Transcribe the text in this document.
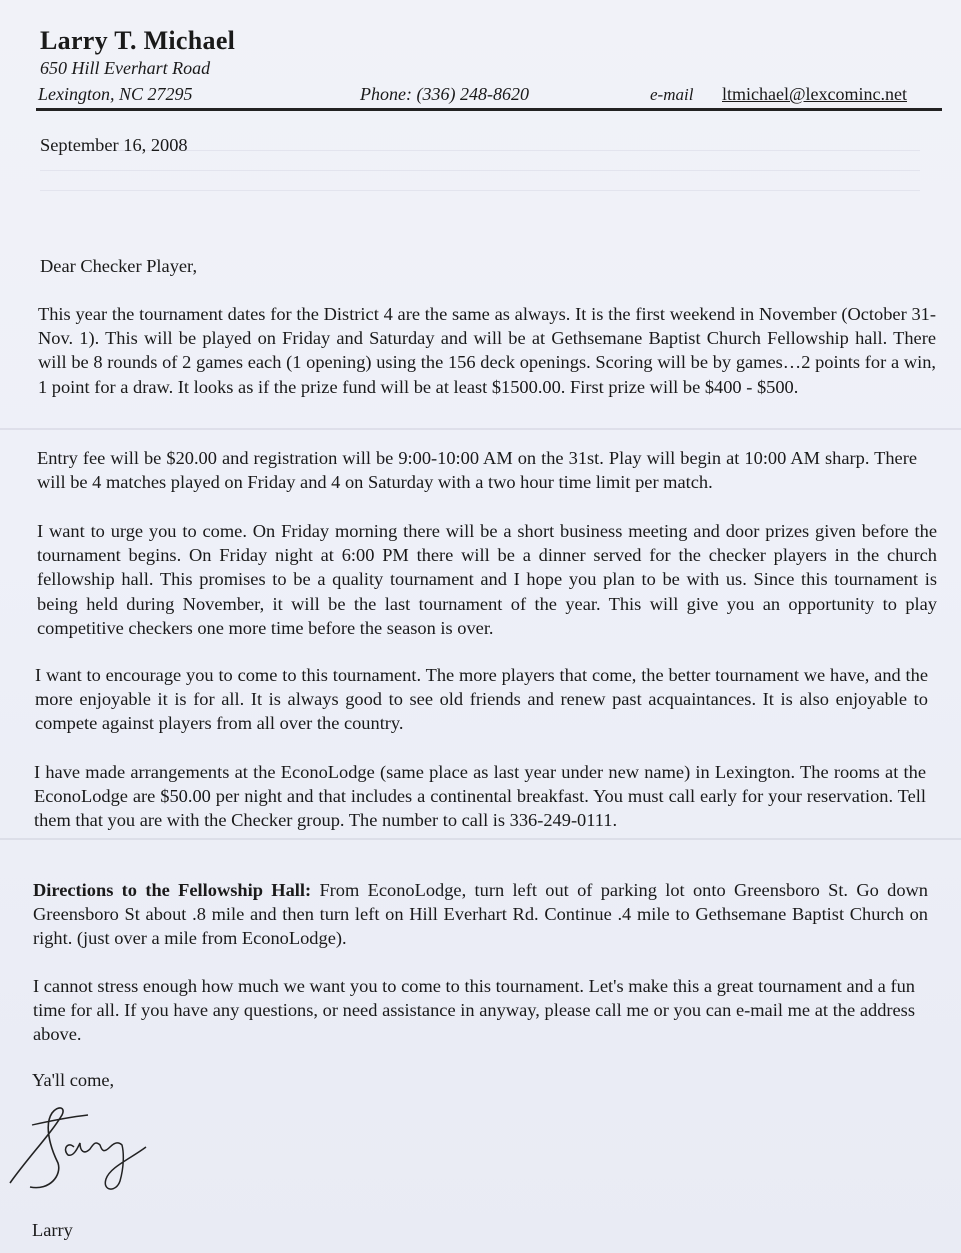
Larry T. Michael
650 Hill Everhart Road
Lexington, NC 27295	Phone: (336) 248-8620	e-mail ltmichael@lexcominc.net
September 16, 2008
Dear Checker Player,

This year the tournament dates for the District 4 are the same as always. It is the first weekend in November (October 31-Nov. 1). This will be played on Friday and Saturday and will be at Gethsemane Baptist Church Fellowship hall. There will be 8 rounds of 2 games each (1 opening) using the 156 deck openings. Scoring will be by games…2 points for a win, 1 point for a draw. It looks as if the prize fund will be at least $1500.00. First prize will be $400 - $500.

Entry fee will be $20.00 and registration will be 9:00-10:00 AM on the 31st. Play will begin at 10:00 AM sharp. There will be 4 matches played on Friday and 4 on Saturday with a two hour time limit per match.

I want to urge you to come. On Friday morning there will be a short business meeting and door prizes given before the tournament begins. On Friday night at 6:00 PM there will be a dinner served for the checker players in the church fellowship hall. This promises to be a quality tournament and I hope you plan to be with us. Since this tournament is being held during November, it will be the last tournament of the year. This will give you an opportunity to play competitive checkers one more time before the season is over.

I want to encourage you to come to this tournament. The more players that come, the better tournament we have, and the more enjoyable it is for all. It is always good to see old friends and renew past acquaintances. It is also enjoyable to compete against players from all over the country.

I have made arrangements at the EconoLodge (same place as last year under new name) in Lexington. The rooms at the EconoLodge are $50.00 per night and that includes a continental breakfast. You must call early for your reservation. Tell them that you are with the Checker group. The number to call is 336-249-0111.

Directions to the Fellowship Hall: From EconoLodge, turn left out of parking lot onto Greensboro St. Go down Greensboro St about .8 mile and then turn left on Hill Everhart Rd. Continue .4 mile to Gethsemane Baptist Church on right. (just over a mile from EconoLodge).

I cannot stress enough how much we want you to come to this tournament. Let's make this a great tournament and a fun time for all. If you have any questions, or need assistance in anyway, please call me or you can e-mail me at the address above.

Ya'll come,
Larry
